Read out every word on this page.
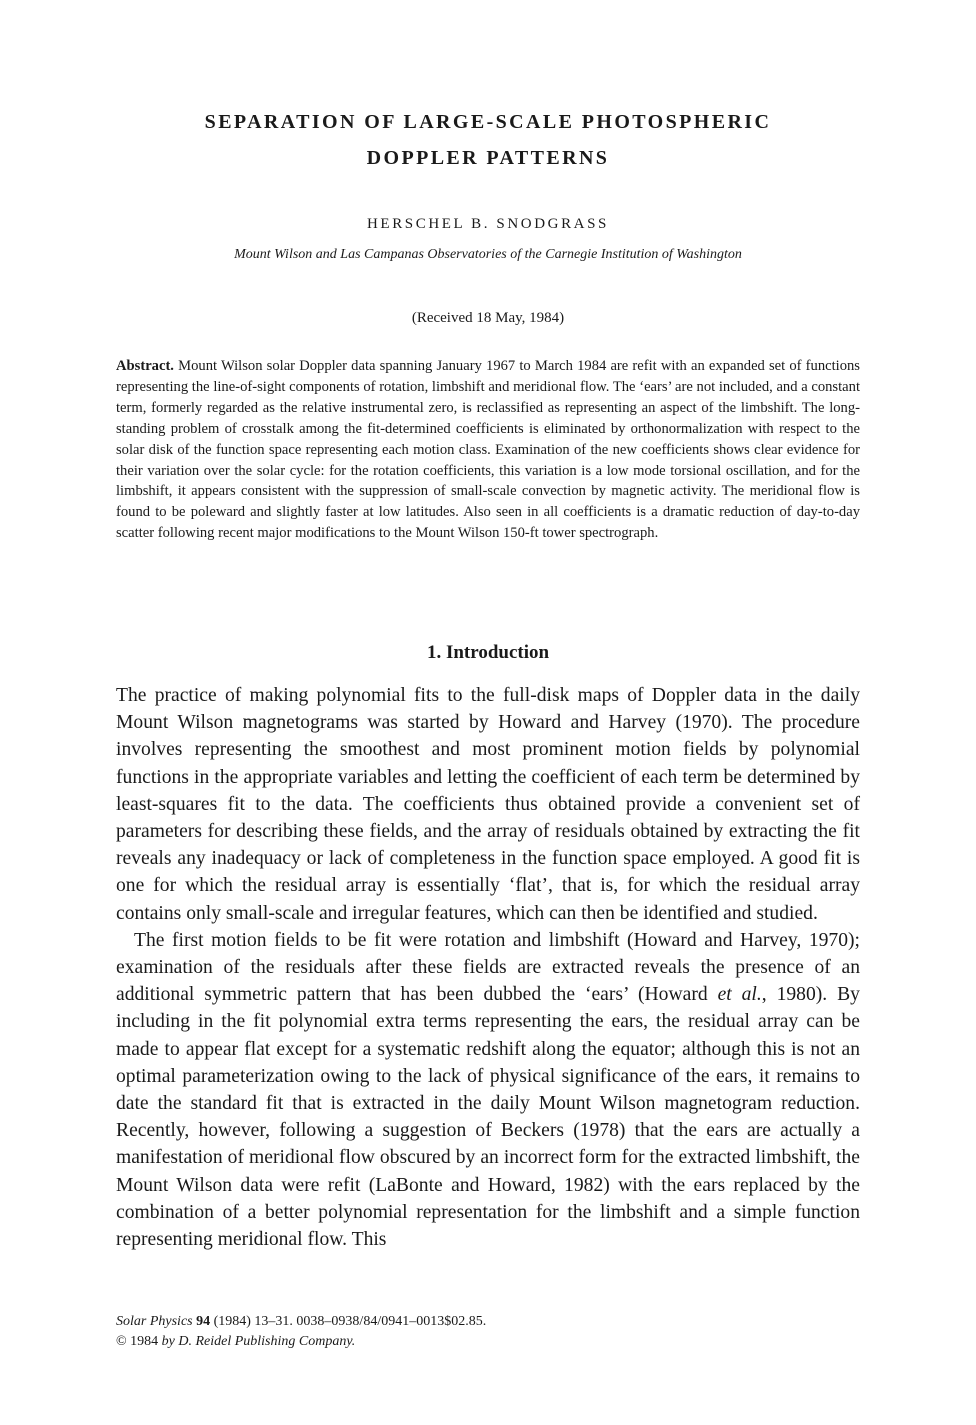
SEPARATION OF LARGE-SCALE PHOTOSPHERIC
DOPPLER PATTERNS
HERSCHEL B. SNODGRASS
Mount Wilson and Las Campanas Observatories of the Carnegie Institution of Washington
(Received 18 May, 1984)
Abstract. Mount Wilson solar Doppler data spanning January 1967 to March 1984 are refit with an expanded set of functions representing the line-of-sight components of rotation, limbshift and meridional flow. The ‘ears’ are not included, and a constant term, formerly regarded as the relative instrumental zero, is reclassified as representing an aspect of the limbshift. The long-standing problem of crosstalk among the fit-determined coefficients is eliminated by orthonormalization with respect to the solar disk of the function space representing each motion class. Examination of the new coefficients shows clear evidence for their variation over the solar cycle: for the rotation coefficients, this variation is a low mode torsional oscillation, and for the limbshift, it appears consistent with the suppression of small-scale convection by magnetic activity. The meridional flow is found to be poleward and slightly faster at low latitudes. Also seen in all coefficients is a dramatic reduction of day-to-day scatter following recent major modifications to the Mount Wilson 150-ft tower spectrograph.
1. Introduction

The practice of making polynomial fits to the full-disk maps of Doppler data in the daily Mount Wilson magnetograms was started by Howard and Harvey (1970). The procedure involves representing the smoothest and most prominent motion fields by polynomial functions in the appropriate variables and letting the coefficient of each term be determined by least-squares fit to the data. The coefficients thus obtained provide a convenient set of parameters for describing these fields, and the array of residuals obtained by extracting the fit reveals any inadequacy or lack of completeness in the function space employed. A good fit is one for which the residual array is essentially ‘flat’, that is, for which the residual array contains only small-scale and irregular features, which can then be identified and studied.

The first motion fields to be fit were rotation and limbshift (Howard and Harvey, 1970); examination of the residuals after these fields are extracted reveals the presence of an additional symmetric pattern that has been dubbed the ‘ears’ (Howard et al., 1980). By including in the fit polynomial extra terms representing the ears, the residual array can be made to appear flat except for a systematic redshift along the equator; although this is not an optimal parameterization owing to the lack of physical significance of the ears, it remains to date the standard fit that is extracted in the daily Mount Wilson magnetogram reduction. Recently, however, following a suggestion of Beckers (1978) that the ears are actually a manifestation of meridional flow obscured by an incorrect form for the extracted limbshift, the Mount Wilson data were refit (LaBonte and Howard, 1982) with the ears replaced by the combination of a better polynomial representation for the limbshift and a simple function representing meridional flow. This

Solar Physics 94 (1984) 13–31. 0038–0938/84/0941–0013$02.85.
© 1984 by D. Reidel Publishing Company.
